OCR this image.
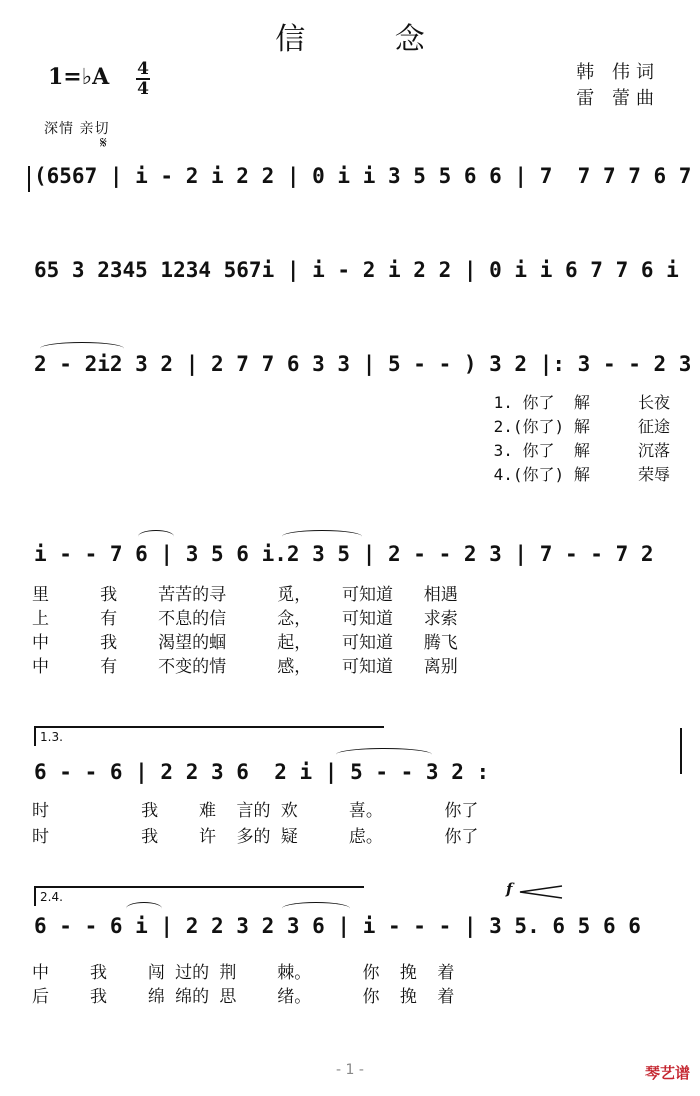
信 念
1=♭A 4
4
韩 伟词
雷 蕾曲
深情 亲切
𝄋
(6567 | i - 2 i 2 2 | 0 i i 3 5 5 6 6 | 7  7 7 7 6 7
65 3 2345 1234 567i | i - 2 i 2 2 | 0 i i 6 7 7 6 i
2 - 2i2 3 2 | 2 7 7 6 3 3 | 5 - - ) 3 2 |: 3 - - 2 3
1. 你了  解     长夜
2.(你了) 解     征途
3. 你了  解     沉落
4.(你了) 解     荣辱
i - - 7 6 | 3 5 6 i.2 3 5 | 2 - - 2 3 | 7 - - 7 2
里     我    苦苦的寻     觅，   可知道   相遇
上     有    不息的信     念，   可知道   求索
中     我    渴望的蝈     起，   可知道   腾飞
中     有    不变的情     感，   可知道   离别
1.3.
6 - - 6 | 2 2 3 6  2 i | 5 - - 3 2 :
时         我    难  言的 欢     喜。      你了
时         我    许  多的 疑     虑。      你了
2.4.	f
6 - - 6 i | 2 2 3 2 3 6 | i - - - | 3 5. 6 5 6 6
中    我    闯 过的 荆    棘。     你  挽  着
后    我    绵 绵的 思    绪。     你  挽  着
- 1 -	琴艺谱
